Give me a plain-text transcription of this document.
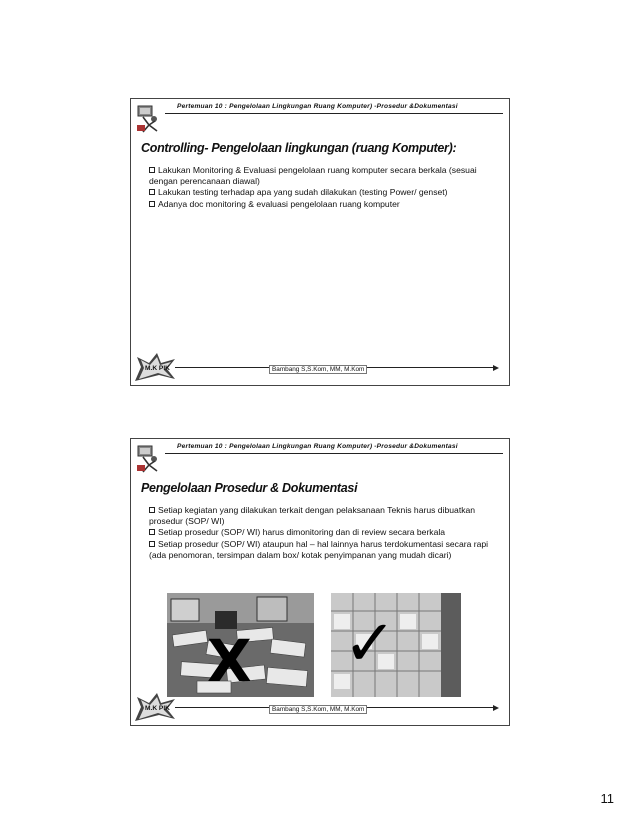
Pertemuan 10 : Pengelolaan Lingkungan Ruang Komputer) -Prosedur &Dokumentasi
Controlling- Pengelolaan lingkungan (ruang Komputer):

Lakukan Monitoring & Evaluasi pengelolaan ruang komputer secara berkala (sesuai dengan perencanaan diawal)

Lakukan testing terhadap apa yang sudah dilakukan (testing Power/ genset)

Adanya doc monitoring & evaluasi pengelolaan ruang komputer

M.K PIK	Bambang S,S.Kom, MM, M.Kom
Pertemuan 10 : Pengelolaan Lingkungan Ruang Komputer) -Prosedur &Dokumentasi
Pengelolaan Prosedur & Dokumentasi

Setiap kegiatan yang dilakukan terkait dengan pelaksanaan Teknis harus dibuatkan prosedur (SOP/ WI)

Setiap prosedur (SOP/ WI) harus dimonitoring dan di review secara berkala

Setiap prosedur (SOP/ WI) ataupun hal – hal lainnya harus terdokumentasi secara rapi (ada penomoran, tersimpan dalam box/ kotak penyimpanan yang mudah dicari)

X ✓
M.K PIK	Bambang S,S.Kom, MM, M.Kom
11
